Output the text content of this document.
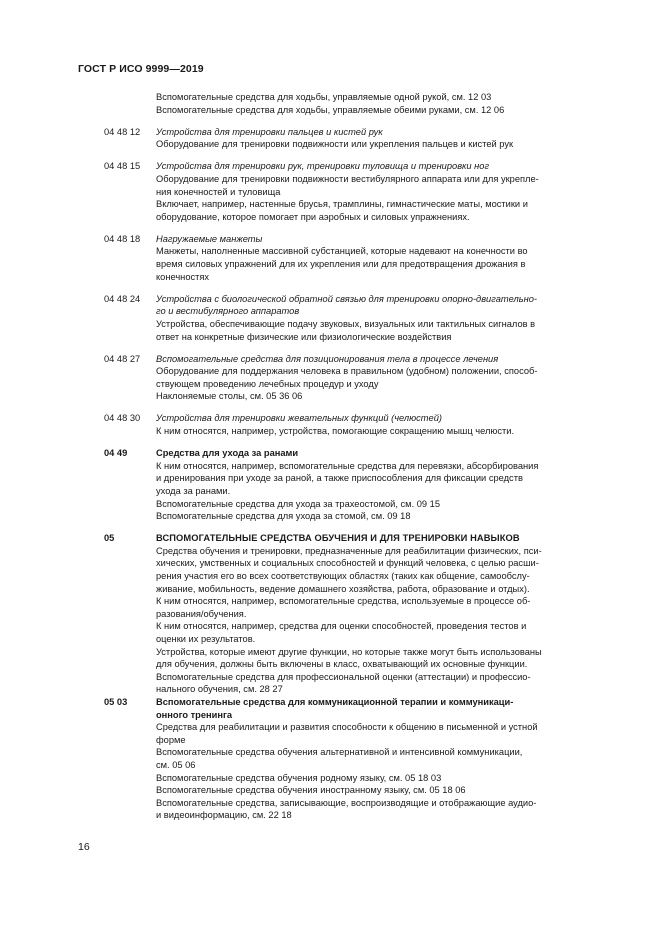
ГОСТ Р ИСО 9999—2019
Вспомогательные средства для ходьбы, управляемые одной рукой, см. 12 03
Вспомогательные средства для ходьбы, управляемые обеими руками, см. 12 06
04 48 12	Устройства для тренировки пальцев и кистей рук
Оборудование для тренировки подвижности или укрепления пальцев и кистей рук
04 48 15	Устройства для тренировки рук, тренировки туловища и тренировки ног
Оборудование для тренировки подвижности вестибулярного аппарата или для укрепле-
ния конечностей и туловища
Включает, например, настенные брусья, трамплины, гимнастические маты, мостики и
оборудование, которое помогает при аэробных и силовых упражнениях.
04 48 18	Нагружаемые манжеты
Манжеты, наполненные массивной субстанцией, которые надевают на конечности во
время силовых упражнений для их укрепления или для предотвращения дрожания в
конечностях
04 48 24	Устройства с биологической обратной связью для тренировки опорно-двигательно-
го и вестибулярного аппаратов
Устройства, обеспечивающие подачу звуковых, визуальных или тактильных сигналов в
ответ на конкретные физические или физиологические воздействия
04 48 27	Вспомогательные средства для позиционирования тела в процессе лечения
Оборудование для поддержания человека в правильном (удобном) положении, способ-
ствующем проведению лечебных процедур и уходу
Наклоняемые столы, см. 05 36 06
04 48 30	Устройства для тренировки жевательных функций (челюстей)
К ним относятся, например, устройства, помогающие сокращению мышц челюсти.
04 49	Средства для ухода за ранами
К ним относятся, например, вспомогательные средства для перевязки, абсорбирования
и дренирования при уходе за раной, а также приспособления для фиксации средств
ухода за ранами.
Вспомогательные средства для ухода за трахеостомой, см. 09 15
Вспомогательные средства для ухода за стомой, см. 09 18
05	ВСПОМОГАТЕЛЬНЫЕ СРЕДСТВА ОБУЧЕНИЯ И ДЛЯ ТРЕНИРОВКИ НАВЫКОВ
Средства обучения и тренировки, предназначенные для реабилитации физических, пси-
хических, умственных и социальных способностей и функций человека, с целью расши-
рения участия его во всех соответствующих областях (таких как общение, самообслу-
живание, мобильность, ведение домашнего хозяйства, работа, образование и отдых).
К ним относятся, например, вспомогательные средства, используемые в процессе об-
разования/обучения.
К ним относятся, например, средства для оценки способностей, проведения тестов и
оценки их результатов.
Устройства, которые имеют другие функции, но которые также могут быть использованы
для обучения, должны быть включены в класс, охватывающий их основные функции.
Вспомогательные средства для профессиональной оценки (аттестации) и профессио-
нального обучения, см. 28 27
05 03	Вспомогательные средства для коммуникационной терапии и коммуникаци-
онного тренинга
Средства для реабилитации и развития способности к общению в письменной и устной
форме
Вспомогательные средства обучения альтернативной и интенсивной коммуникации,
см. 05 06
Вспомогательные средства обучения родному языку, см. 05 18 03
Вспомогательные средства обучения иностранному языку, см. 05 18 06
Вспомогательные средства, записывающие, воспроизводящие и отображающие аудио-
и видеоинформацию, см. 22 18
16
